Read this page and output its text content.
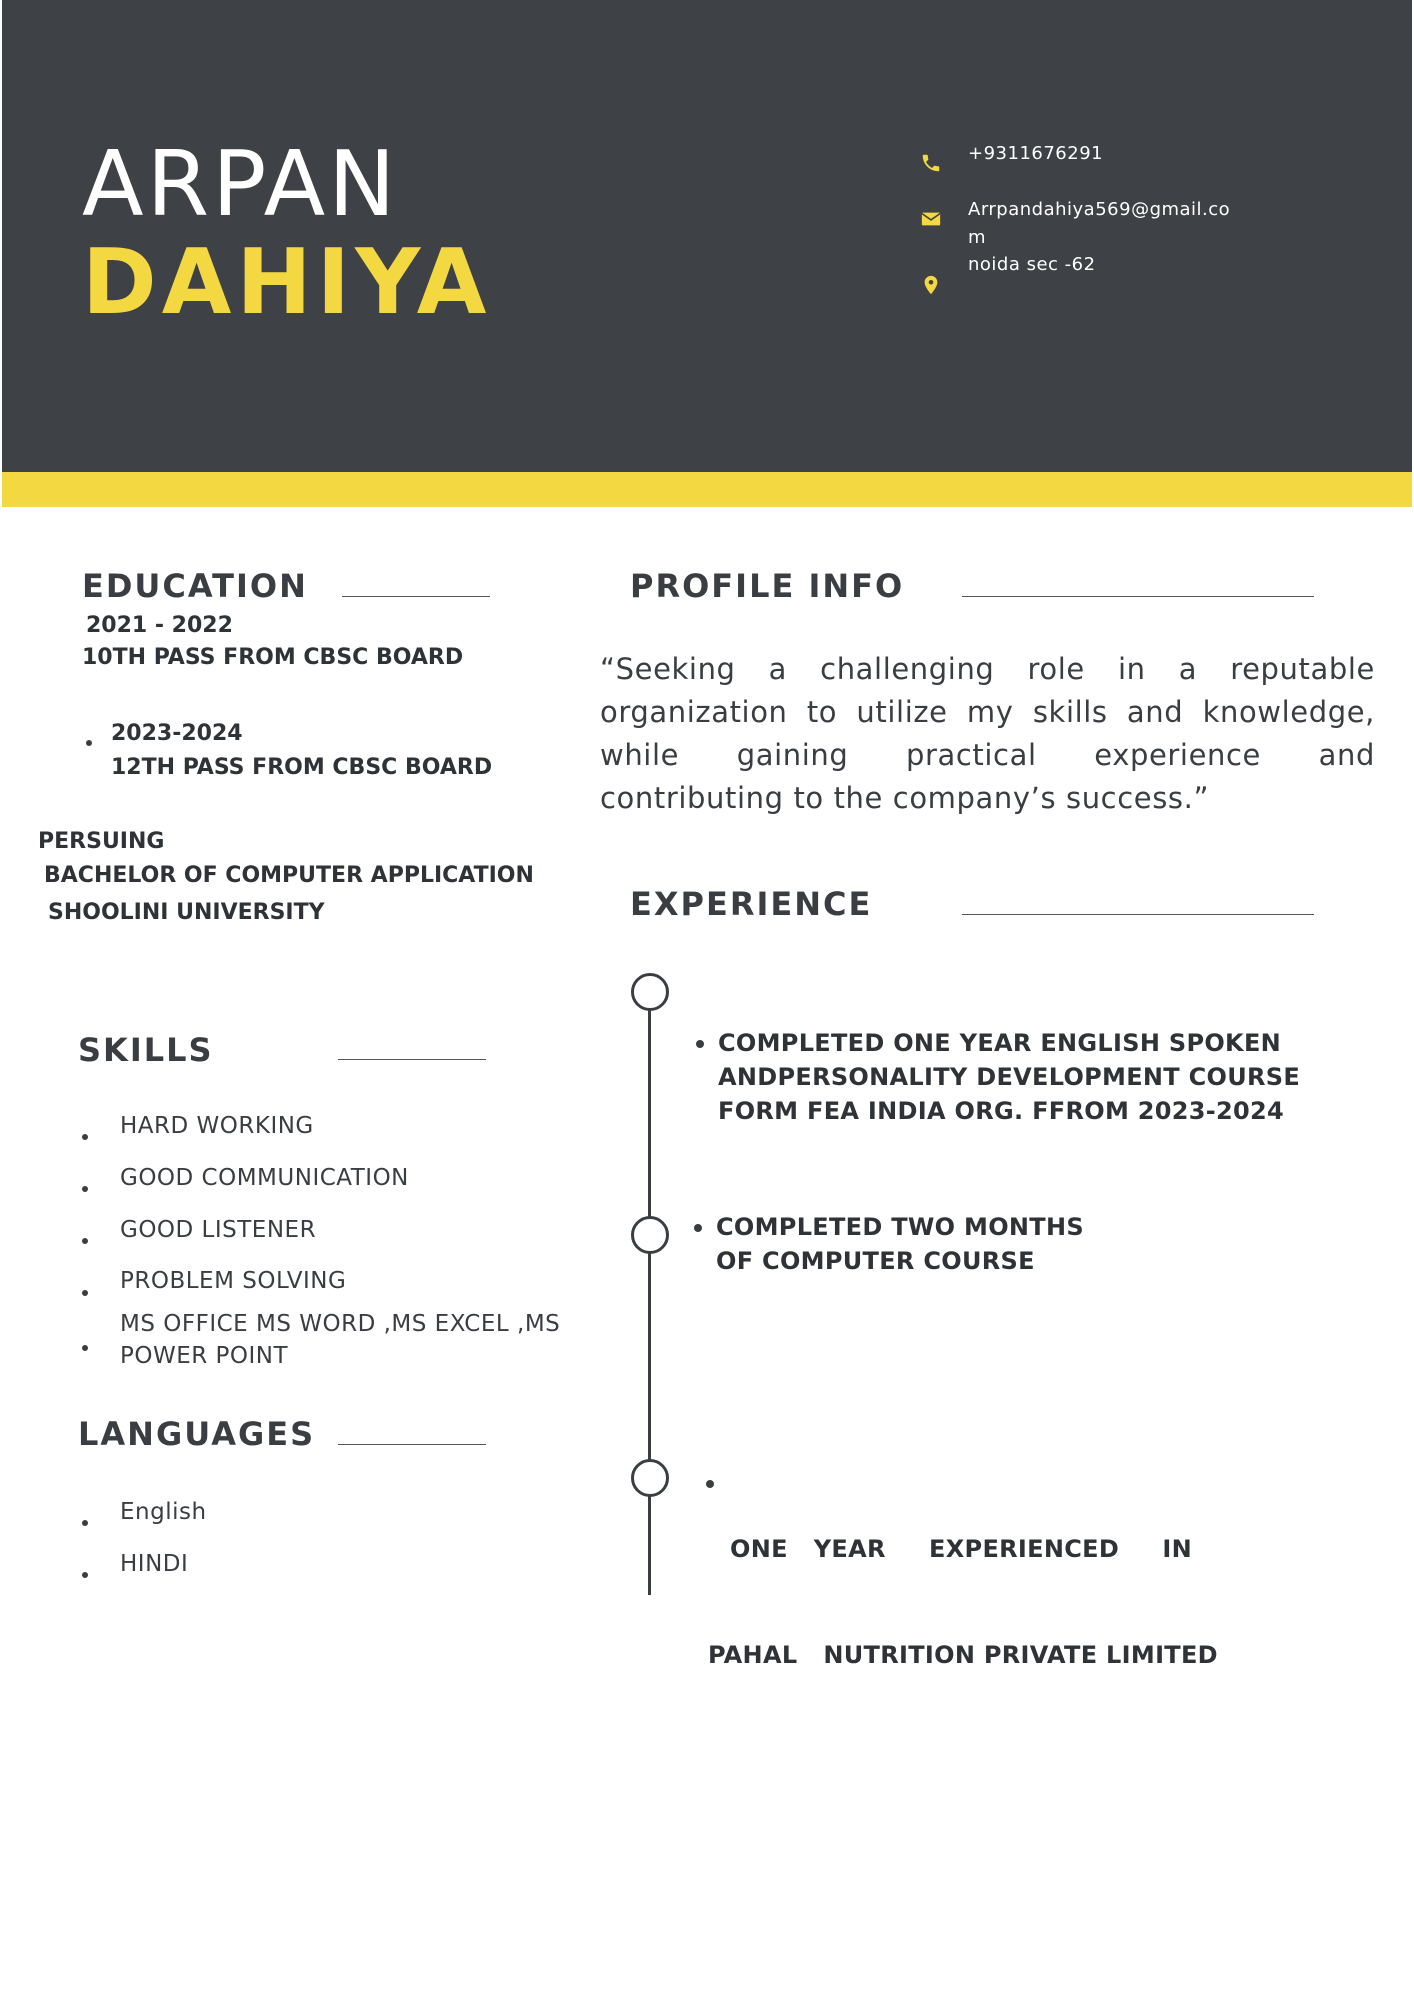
ARPAN
DAHIYA
+9311676291
Arrpandahiya569@gmail.co
m
noida sec -62
EDUCATION
2021 - 2022
10TH PASS FROM CBSC BOARD
2023-2024
12TH PASS FROM CBSC BOARD
PERSUING
BACHELOR OF COMPUTER APPLICATION
SHOOLINI UNIVERSITY
SKILLS
HARD WORKING
GOOD COMMUNICATION
GOOD LISTENER
PROBLEM SOLVING
MS OFFICE MS WORD ,MS EXCEL ,MS
POWER POINT
LANGUAGES
English
HINDI
PROFILE INFO
“Seeking a challenging role in a reputable organization to utilize my skills and knowledge, while gaining practical experience and contributing to the company’s success.”
EXPERIENCE
COMPLETED ONE YEAR ENGLISH SPOKEN
ANDPERSONALITY DEVELOPMENT COURSE
FORM FEA INDIA ORG. FFROM 2023-2024
COMPLETED TWO MONTHS
OF COMPUTER COURSE

ONE   YEAR     EXPERIENCED     IN

PAHAL   NUTRITION PRIVATE LIMITED
